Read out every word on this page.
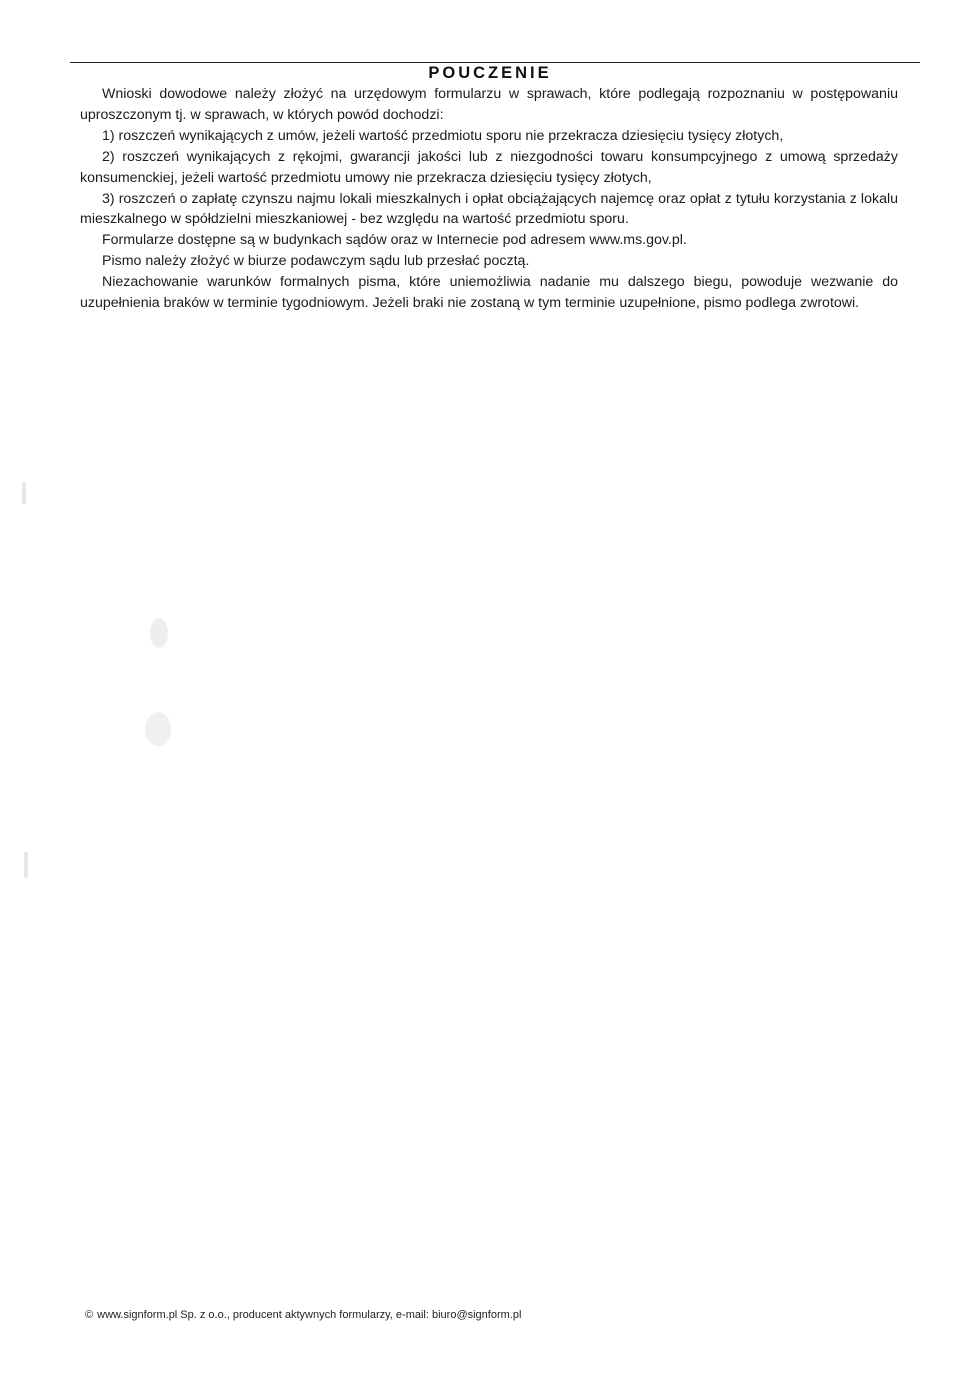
POUCZENIE

Wnioski dowodowe należy złożyć na urzędowym formularzu w sprawach, które podlegają rozpoznaniu w postępowaniu uproszczonym tj. w sprawach, w których powód dochodzi:

1) roszczeń wynikających z umów, jeżeli wartość przedmiotu sporu nie przekracza dziesięciu tysięcy złotych,

2) roszczeń wynikających z rękojmi, gwarancji jakości lub z niezgodności towaru konsumpcyjnego z umową sprzedaży konsumenckiej, jeżeli wartość przedmiotu umowy nie przekracza dziesięciu tysięcy złotych,

3) roszczeń o zapłatę czynszu najmu lokali mieszkalnych i opłat obciążających najemcę oraz opłat z tytułu korzystania z lokalu mieszkalnego w spółdzielni mieszkaniowej - bez względu na wartość przedmiotu sporu.

Formularze dostępne są w budynkach sądów oraz w Internecie pod adresem www.ms.gov.pl.

Pismo należy złożyć w biurze podawczym sądu lub przesłać pocztą.

Niezachowanie warunków formalnych pisma, które uniemożliwia nadanie mu dalszego biegu, powoduje wezwanie do uzupełnienia braków w terminie tygodniowym. Jeżeli braki nie zostaną w tym terminie uzupełnione, pismo podlega zwrotowi.

© www.signform.pl Sp. z o.o., producent aktywnych formularzy, e-mail: biuro@signform.pl
